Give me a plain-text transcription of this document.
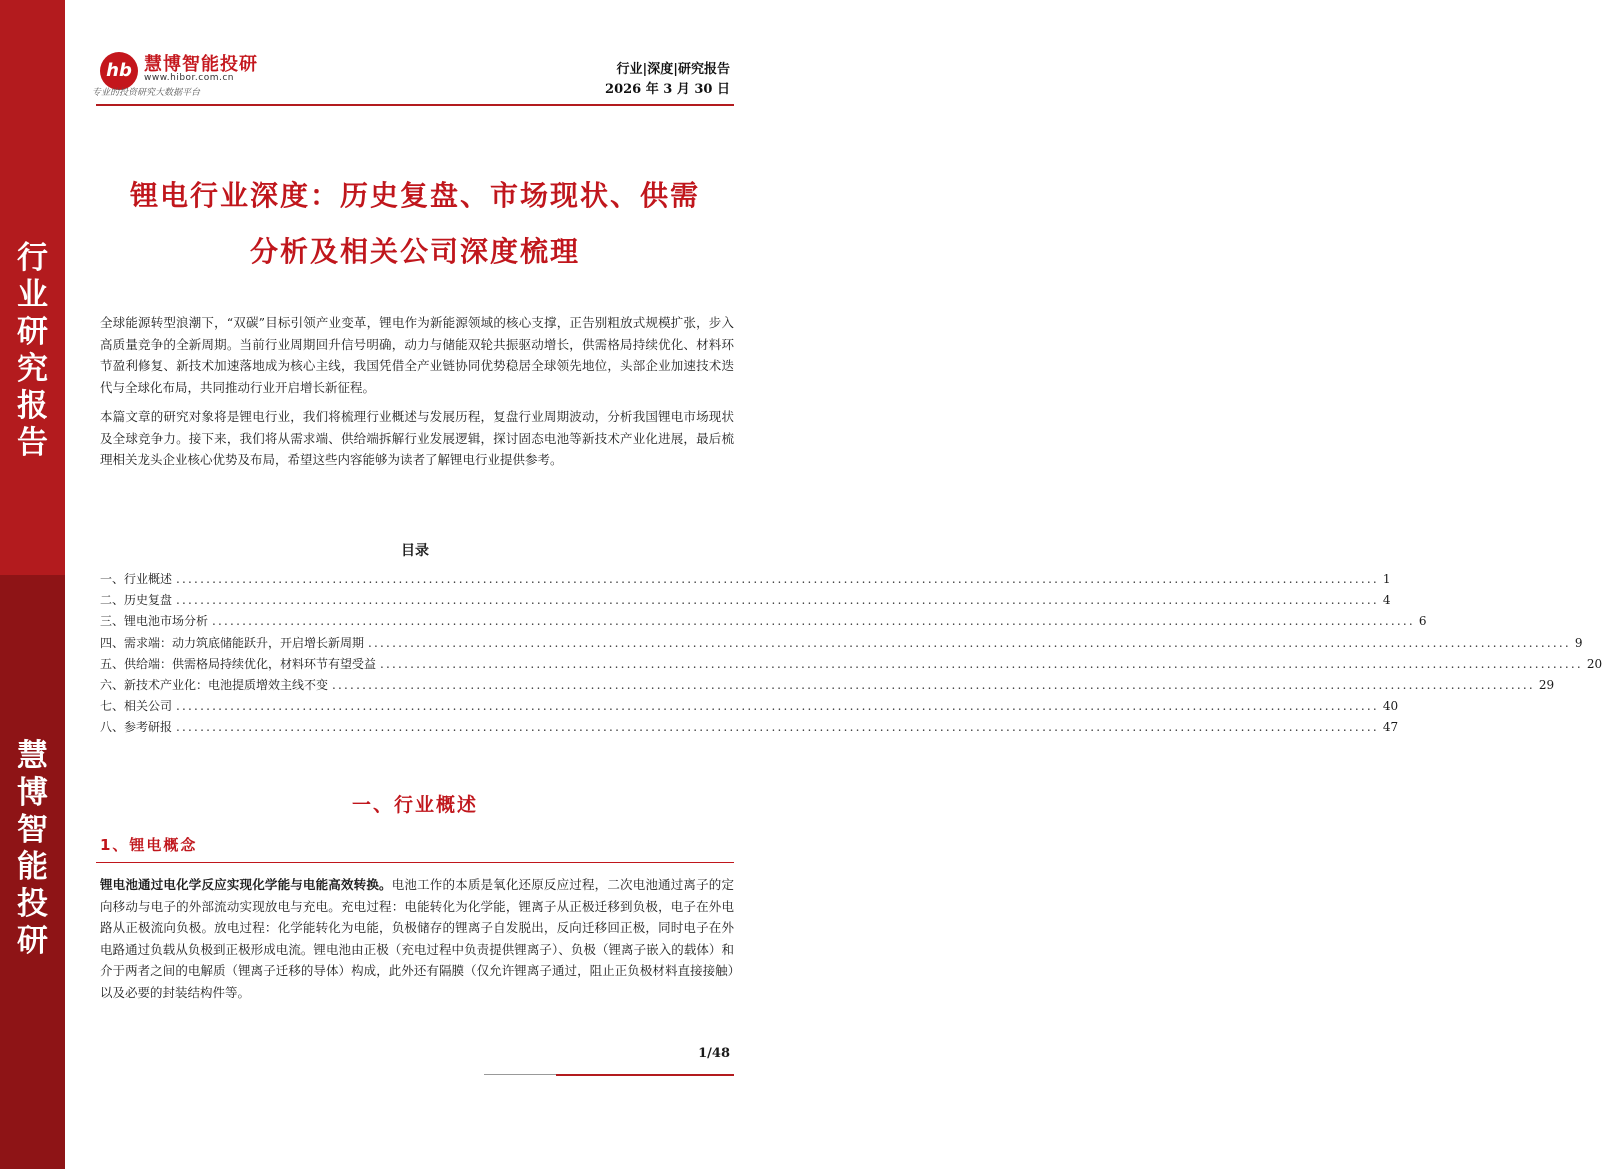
行
业
研
究
报
告
慧
博
智
能
投
研
hb 慧博智能投研
www.hibor.com.cn
专业的投资研究大数据平台
行业|深度|研究报告
2026 年 3 月 30 日
锂电行业深度：历史复盘、市场现状、供需
分析及相关公司深度梳理
全球能源转型浪潮下，“双碳”目标引领产业变革，锂电作为新能源领域的核心支撑，正告别粗放式规模扩张，步入高质量竞争的全新周期。当前行业周期回升信号明确，动力与储能双轮共振驱动增长，供需格局持续优化、材料环节盈利修复、新技术加速落地成为核心主线，我国凭借全产业链协同优势稳居全球领先地位，头部企业加速技术迭代与全球化布局，共同推动行业开启增长新征程。
本篇文章的研究对象将是锂电行业，我们将梳理行业概述与发展历程，复盘行业周期波动，分析我国锂电市场现状及全球竞争力。接下来，我们将从需求端、供给端拆解行业发展逻辑，探讨固态电池等新技术产业化进展，最后梳理相关龙头企业核心优势及布局，希望这些内容能够为读者了解锂电行业提供参考。
目录
一、行业概述 ........................................................................................................................................................................................................ 1
二、历史复盘 ........................................................................................................................................................................................................ 4
三、锂电池市场分析 ........................................................................................................................................................................................................ 6
四、需求端：动力筑底储能跃升，开启增长新周期 ........................................................................................................................................................................................................ 9
五、供给端：供需格局持续优化，材料环节有望受益 ........................................................................................................................................................................................................ 20
六、新技术产业化：电池提质增效主线不变 ........................................................................................................................................................................................................ 29
七、相关公司 ........................................................................................................................................................................................................ 40
八、参考研报 ........................................................................................................................................................................................................ 47
一、行业概述
1、锂电概念
锂电池通过电化学反应实现化学能与电能高效转换。电池工作的本质是氧化还原反应过程，二次电池通过离子的定向移动与电子的外部流动实现放电与充电。充电过程：电能转化为化学能，锂离子从正极迁移到负极，电子在外电路从正极流向负极。放电过程：化学能转化为电能，负极储存的锂离子自发脱出，反向迁移回正极，同时电子在外电路通过负载从负极到正极形成电流。锂电池由正极（充电过程中负责提供锂离子）、负极（锂离子嵌入的载体）和介于两者之间的电解质（锂离子迁移的导体）构成，此外还有隔膜（仅允许锂离子通过，阻止正负极材料直接接触）以及必要的封装结构件等。
1/48
